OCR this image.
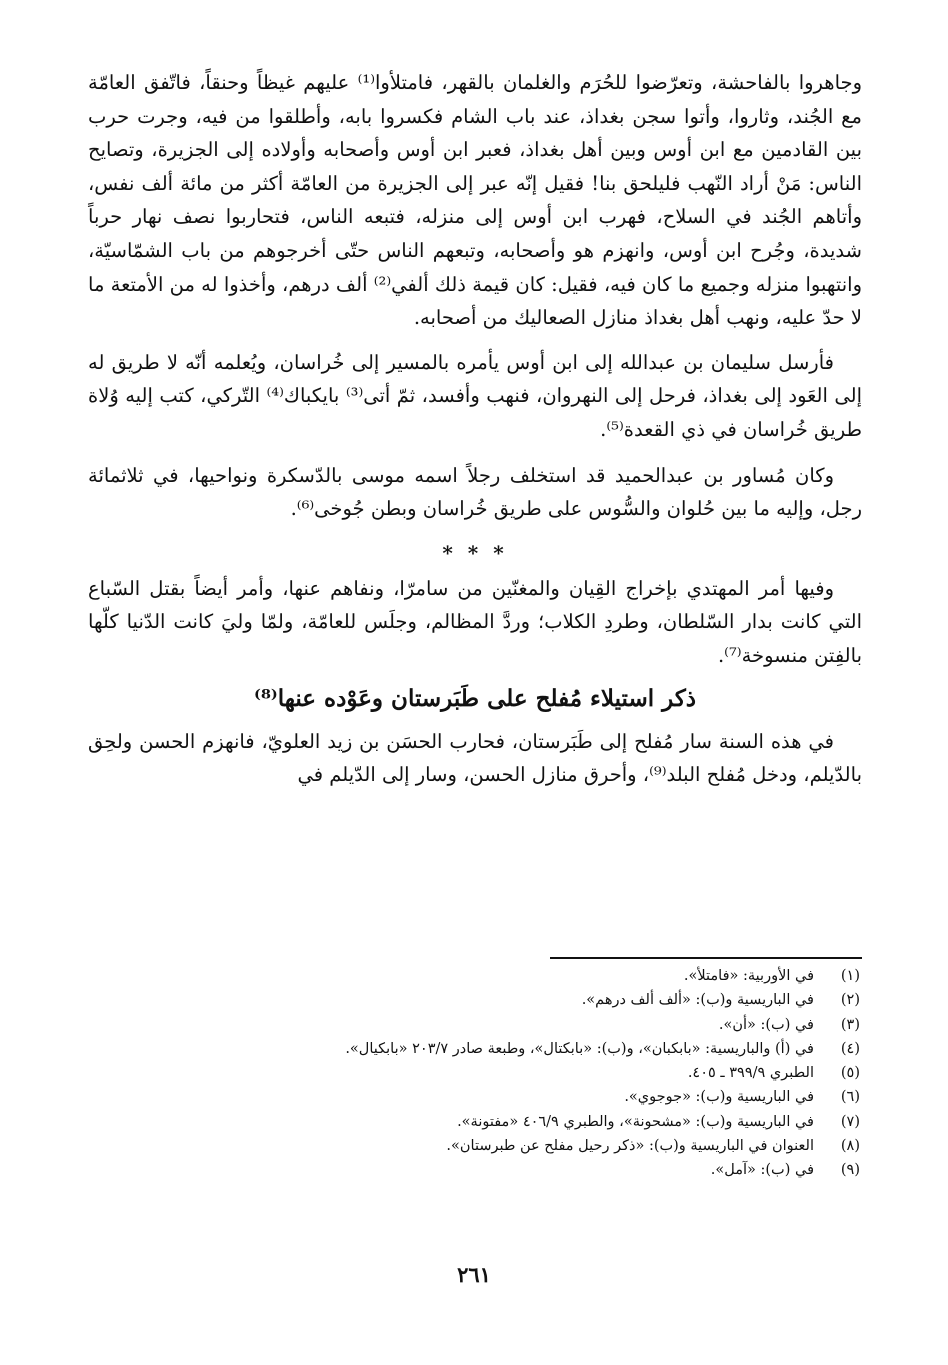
وجاهروا بالفاحشة، وتعرّضوا للحُرَم والغلمان بالقهر، فامتلأوا⁽¹⁾ عليهم غيظاً وحنقاً، فاتّفق العامّة مع الجُند، وثاروا، وأتوا سجن بغداذ، عند باب الشام فكسروا بابه، وأطلقوا من فيه، وجرت حرب بين القادمين مع ابن أوس وبين أهل بغداذ، فعبر ابن أوس وأصحابه وأولاده إلى الجزيرة، وتصايح الناس: مَنْ أراد النّهب فليلحق بنا! فقيل إنّه عبر إلى الجزيرة من العامّة أكثر من مائة ألف نفس، وأتاهم الجُند في السلاح، فهرب ابن أوس إلى منزله، فتبعه الناس، فتحاربوا نصف نهار حرباً شديدة، وجُرح ابن أوس، وانهزم هو وأصحابه، وتبعهم الناس حتّى أخرجوهم من باب الشمّاسيّة، وانتهبوا منزله وجميع ما كان فيه، فقيل: كان قيمة ذلك ألفي⁽²⁾ ألف درهم، وأخذوا له من الأمتعة ما لا حدّ عليه، ونهب أهل بغداذ منازل الصعاليك من أصحابه.

فأرسل سليمان بن عبدالله إلى ابن أوس يأمره بالمسير إلى خُراسان، ويُعلمه أنّه لا طريق له إلى العَود إلى بغداذ، فرحل إلى النهروان، فنهب وأفسد، ثمّ أتى⁽³⁾ بايكباك⁽⁴⁾ التّركي، كتب إليه وُلاة طريق خُراسان في ذي القعدة⁽⁵⁾.

وكان مُساور بن عبدالحميد قد استخلف رجلاً اسمه موسى بالدّسكرة ونواحيها، في ثلاثمائة رجل، وإليه ما بين حُلوان والسُّوس على طريق خُراسان وبطن جُوخى⁽⁶⁾.

* * *

وفيها أمر المهتدي بإخراج القِيان والمغنّين من سامرّا، ونفاهم عنها، وأمر أيضاً بقتل السّباع التي كانت بدار السّلطان، وطردِ الكلاب؛ وردَّ المظالم، وجلَس للعامّة، ولمّا وليَ كانت الدّنيا كلّها بالفِتن منسوخة⁽⁷⁾.

ذكر استيلاء مُفلح على طَبَرستان وعَوْده عنها⁽⁸⁾

في هذه السنة سار مُفلح إلى طَبَرستان، فحارب الحسَن بن زيد العلويّ، فانهزم الحسن ولحِق بالدّيلم، ودخل مُفلح البلد⁽⁹⁾، وأحرق منازل الحسن، وسار إلى الدّيلم في

(١)
في الأوربية: «فامتلأ».
(٢)
في الباريسية و(ب): «ألف ألف درهم».
(٣)
في (ب): «أن».
(٤)
في (أ) والباريسية: «بابكبان»، و(ب): «بابكتال»، وطبعة صادر ٢٠٣/٧ «بابكيال».
(٥)
الطبري ٣٩٩/٩ ـ ٤٠٥.
(٦)
في الباريسية و(ب): «جوجوي».
(٧)
في الباريسية و(ب): «مشحونة»، والطبري ٤٠٦/٩ «مفتونة».
(٨)
العنوان في الباريسية و(ب): «ذكر رحيل مفلح عن طبرستان».
(٩)
في (ب): «آمل».
٢٦١
